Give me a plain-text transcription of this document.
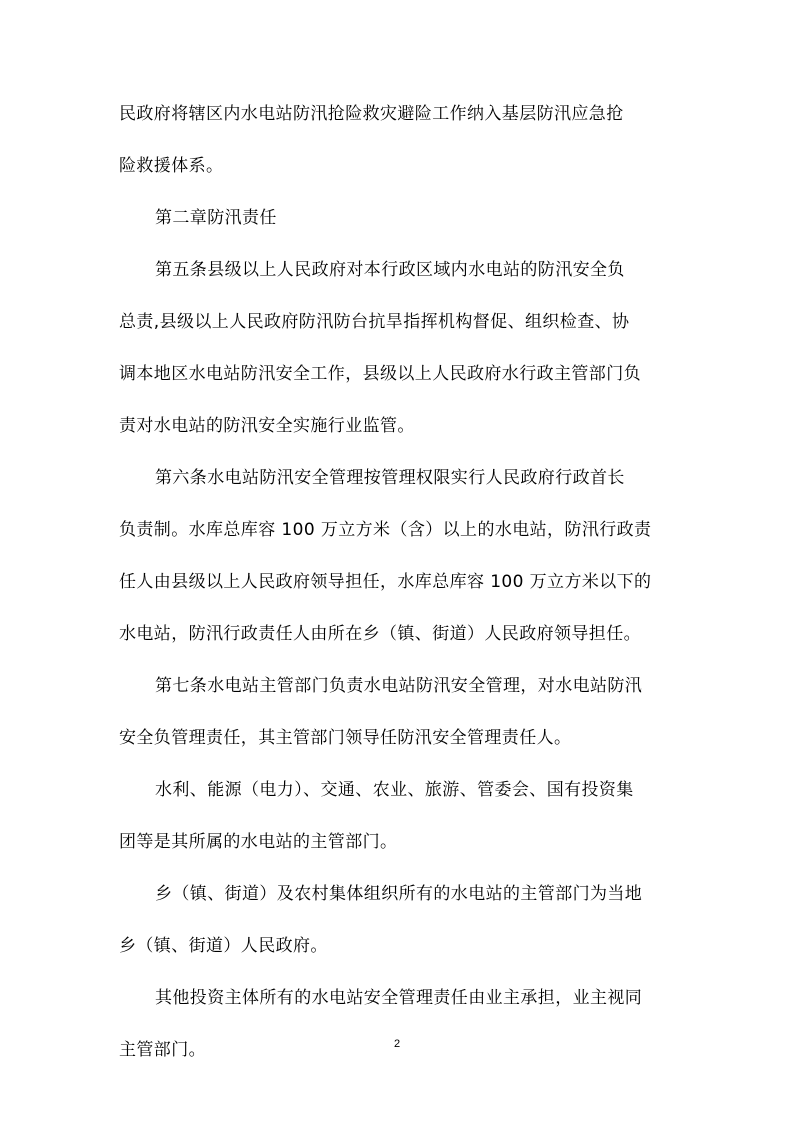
民政府将辖区内水电站防汛抢险救灾避险工作纳入基层防汛应急抢
险救援体系。
第二章防汛责任
第五条县级以上人民政府对本行政区域内水电站的防汛安全负
总责,县级以上人民政府防汛防台抗旱指挥机构督促、组织检查、协
调本地区水电站防汛安全工作，县级以上人民政府水行政主管部门负
责对水电站的防汛安全实施行业监管。
第六条水电站防汛安全管理按管理权限实行人民政府行政首长
负责制。水库总库容 100 万立方米（含）以上的水电站，防汛行政责
任人由县级以上人民政府领导担任，水库总库容 100 万立方米以下的
水电站，防汛行政责任人由所在乡（镇、街道）人民政府领导担任。
第七条水电站主管部门负责水电站防汛安全管理，对水电站防汛
安全负管理责任，其主管部门领导任防汛安全管理责任人。
水利、能源（电力）、交通、农业、旅游、管委会、国有投资集
团等是其所属的水电站的主管部门。
乡（镇、街道）及农村集体组织所有的水电站的主管部门为当地
乡（镇、街道）人民政府。
其他投资主体所有的水电站安全管理责任由业主承担，业主视同
主管部门。	2
